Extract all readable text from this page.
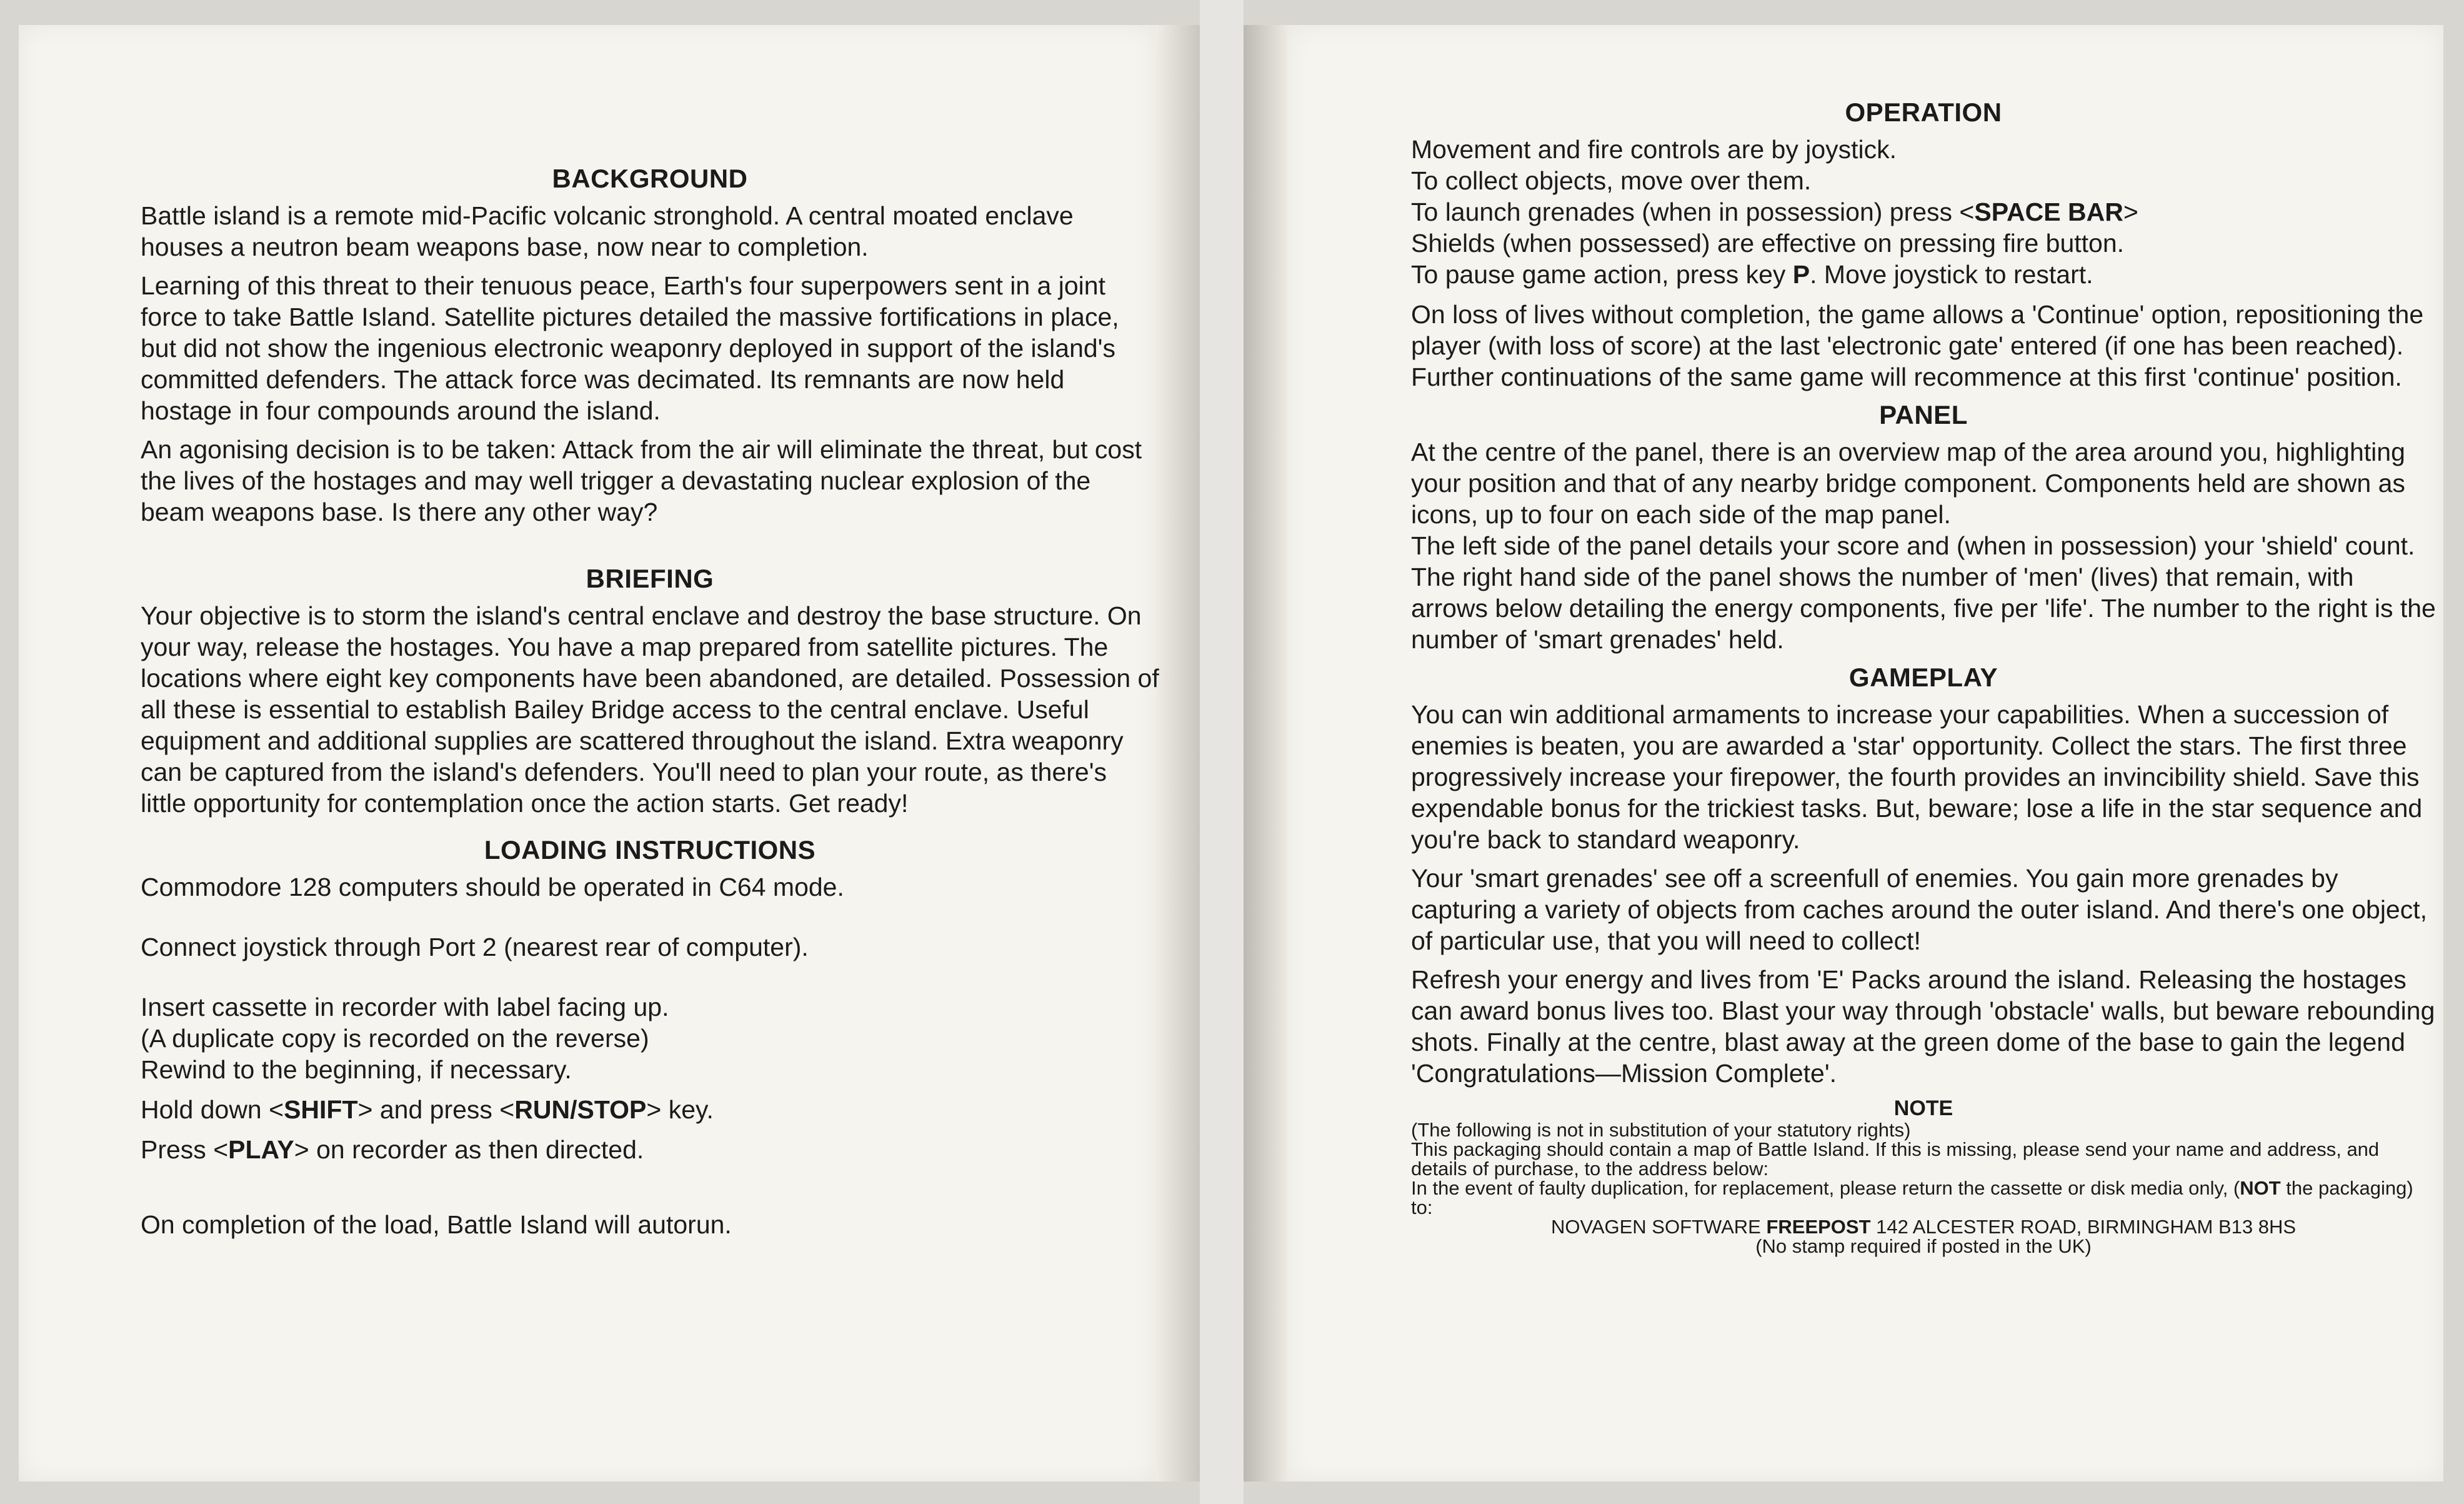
BACKGROUND

Battle island is a remote mid-Pacific volcanic stronghold. A central moated enclave houses a neutron beam weapons base, now near to completion.

Learning of this threat to their tenuous peace, Earth's four superpowers sent in a joint force to take Battle Island. Satellite pictures detailed the massive fortifications in place, but did not show the ingenious electronic weaponry deployed in support of the island's committed defenders. The attack force was decimated. Its remnants are now held hostage in four compounds around the island.

An agonising decision is to be taken: Attack from the air will eliminate the threat, but cost the lives of the hostages and may well trigger a devastating nuclear explosion of the beam weapons base. Is there any other way?

BRIEFING

Your objective is to storm the island's central enclave and destroy the base structure. On your way, release the hostages. You have a map prepared from satellite pictures. The locations where eight key components have been abandoned, are detailed. Possession of all these is essential to establish Bailey Bridge access to the central enclave. Useful equipment and additional supplies are scattered throughout the island. Extra weaponry can be captured from the island's defenders. You'll need to plan your route, as there's little opportunity for contemplation once the action starts. Get ready!

LOADING INSTRUCTIONS

Commodore 128 computers should be operated in C64 mode.

Connect joystick through Port 2 (nearest rear of computer).

Insert cassette in recorder with label facing up.

(A duplicate copy is recorded on the reverse)

Rewind to the beginning, if necessary.

Hold down <SHIFT> and press <RUN/STOP> key.

Press <PLAY> on recorder as then directed.

On completion of the load, Battle Island will autorun.

OPERATION

Movement and fire controls are by joystick.

To collect objects, move over them.

To launch grenades (when in possession) press <SPACE BAR>

Shields (when possessed) are effective on pressing fire button.

To pause game action, press key P. Move joystick to restart.

On loss of lives without completion, the game allows a 'Continue' option, repositioning the player (with loss of score) at the last 'electronic gate' entered (if one has been reached). Further continuations of the same game will recommence at this first 'continue' position.

PANEL

At the centre of the panel, there is an overview map of the area around you, highlighting your position and that of any nearby bridge component. Components held are shown as icons, up to four on each side of the map panel.

The left side of the panel details your score and (when in possession) your 'shield' count. The right hand side of the panel shows the number of 'men' (lives) that remain, with arrows below detailing the energy components, five per 'life'. The number to the right is the number of 'smart grenades' held.

GAMEPLAY

You can win additional armaments to increase your capabilities. When a succession of enemies is beaten, you are awarded a 'star' opportunity. Collect the stars. The first three progressively increase your firepower, the fourth provides an invincibility shield. Save this expendable bonus for the trickiest tasks. But, beware; lose a life in the star sequence and you're back to standard weaponry.

Your 'smart grenades' see off a screenfull of enemies. You gain more grenades by capturing a variety of objects from caches around the outer island. And there's one object, of particular use, that you will need to collect!

Refresh your energy and lives from 'E' Packs around the island. Releasing the hostages can award bonus lives too. Blast your way through 'obstacle' walls, but beware rebounding shots. Finally at the centre, blast away at the green dome of the base to gain the legend 'Congratulations—Mission Complete'.

NOTE

(The following is not in substitution of your statutory rights)

This packaging should contain a map of Battle Island. If this is missing, please send your name and address, and details of purchase, to the address below:

In the event of faulty duplication, for replacement, please return the cassette or disk media only, (NOT the packaging) to:

NOVAGEN SOFTWARE FREEPOST 142 ALCESTER ROAD, BIRMINGHAM B13 8HS

(No stamp required if posted in the UK)
